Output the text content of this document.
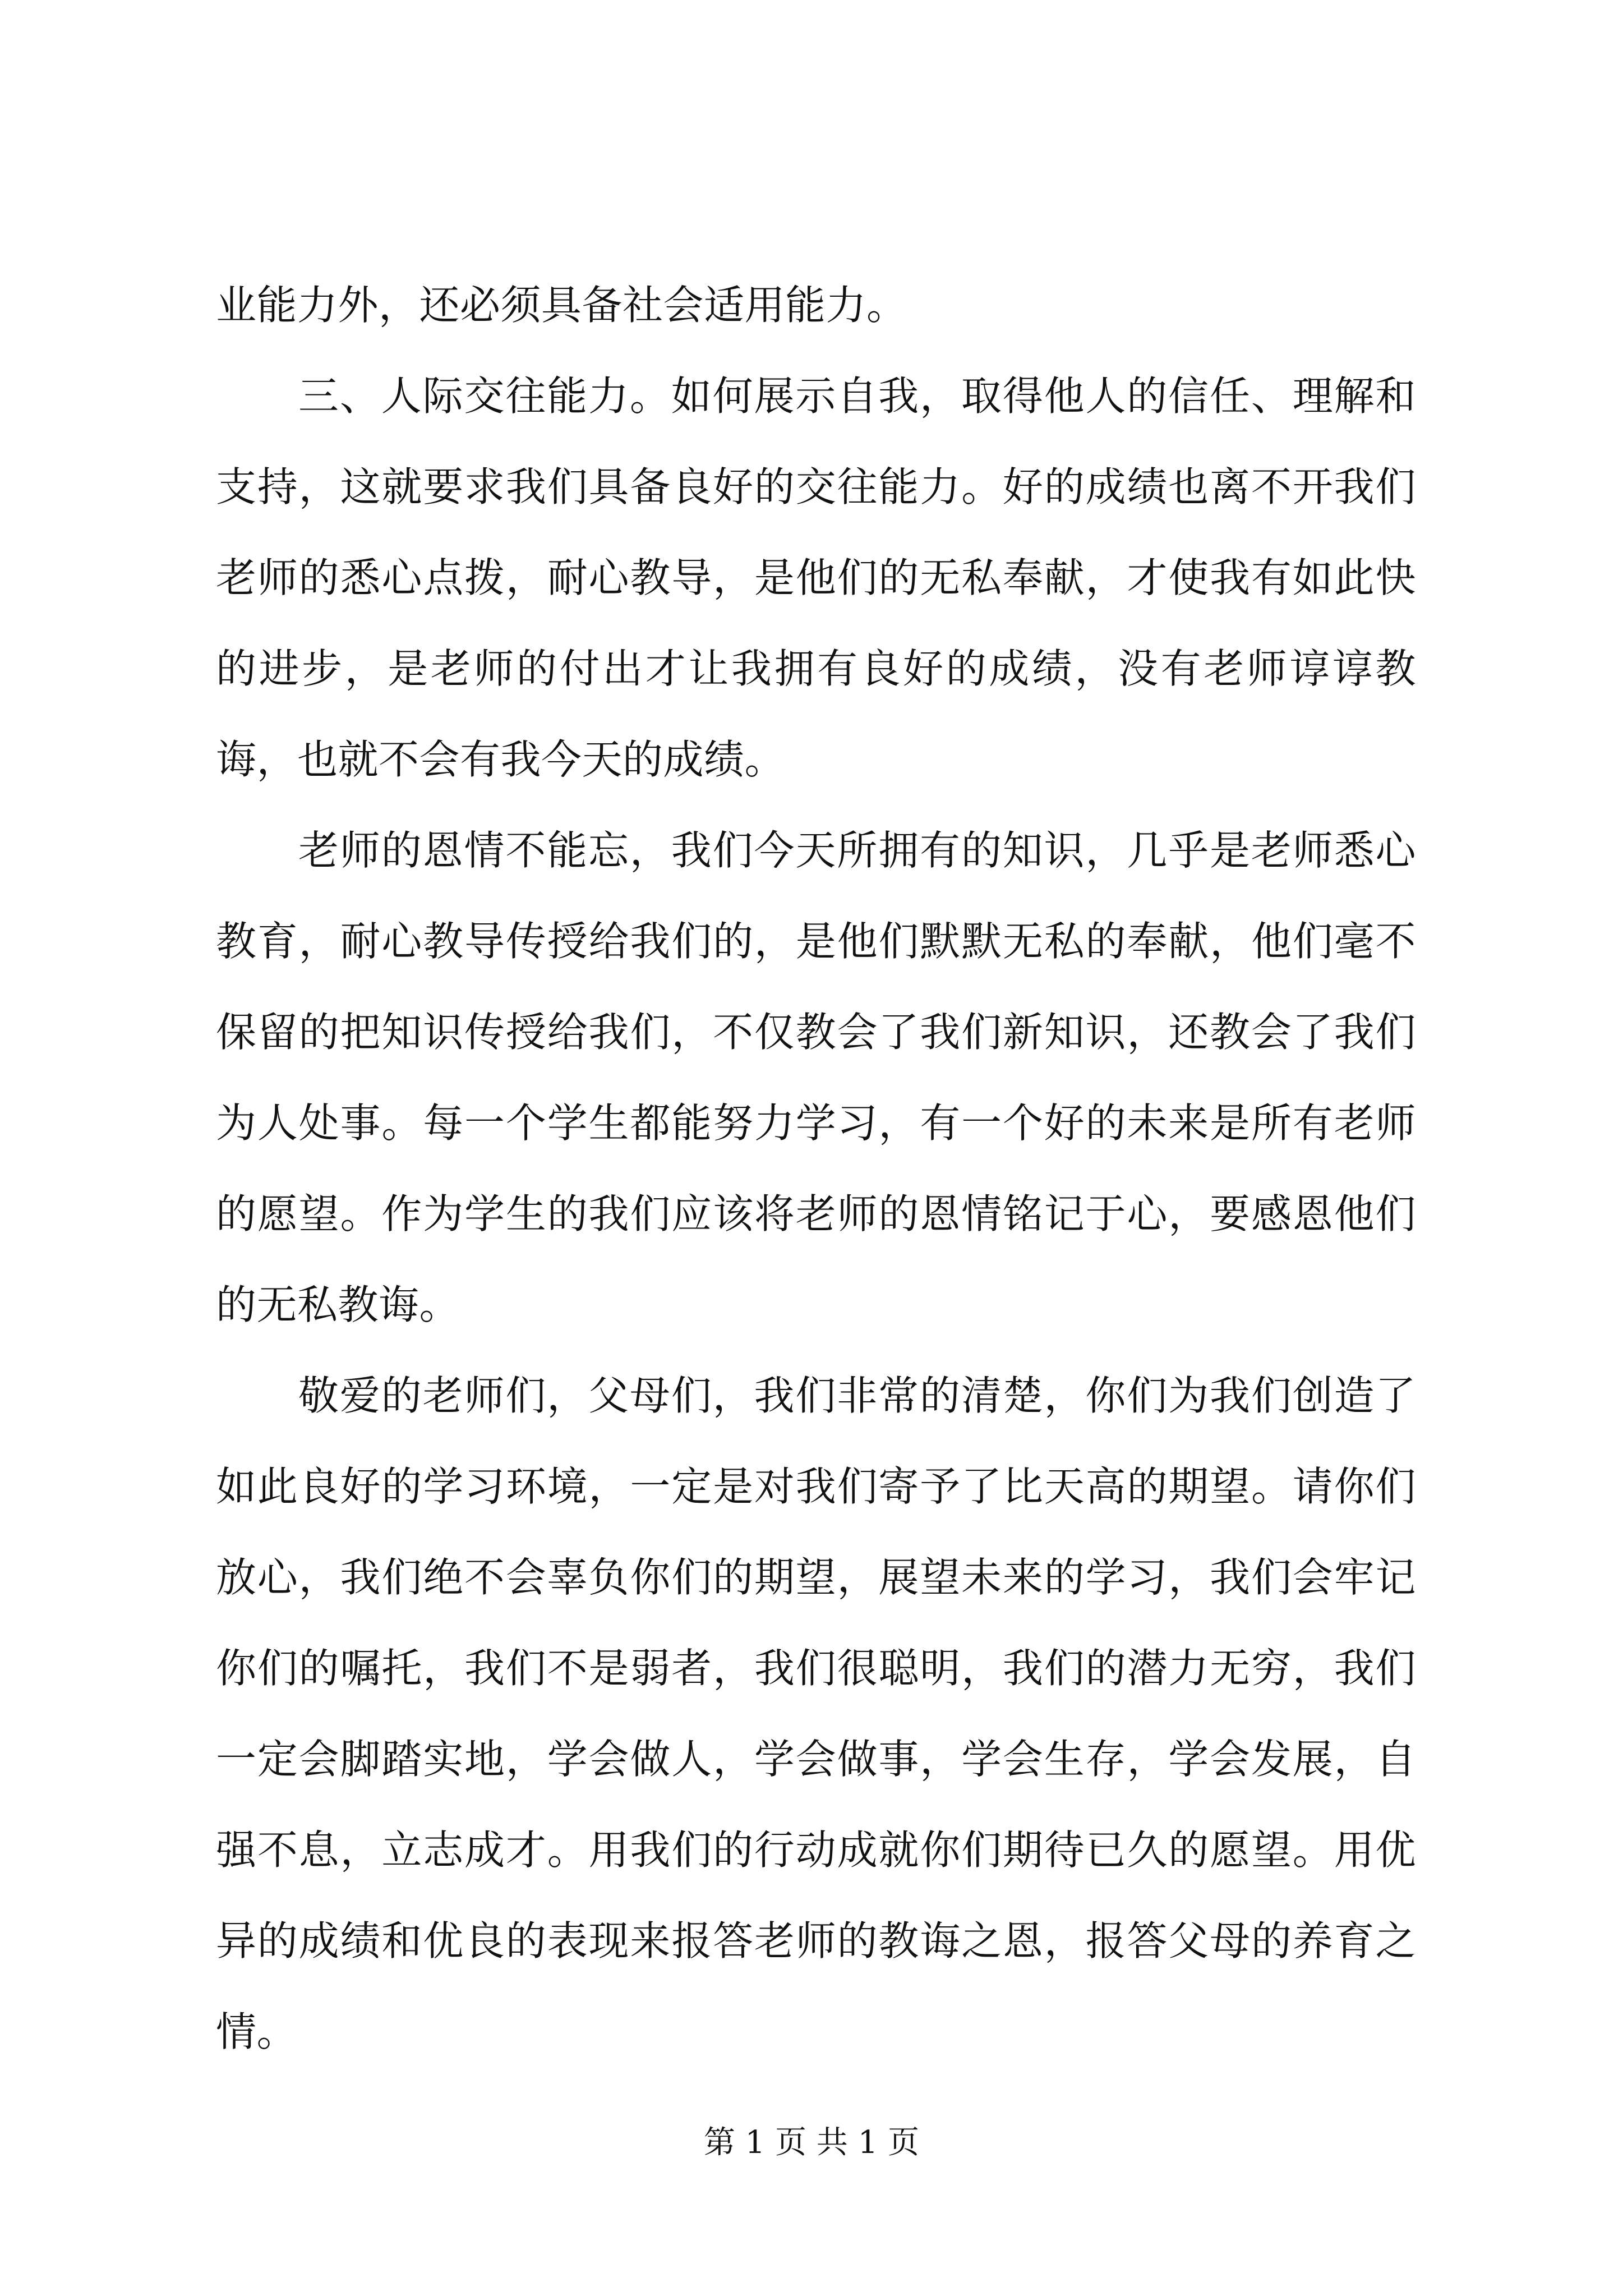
业能力外，还必须具备社会适用能力。

三、人际交往能力。如何展示自我，取得他人的信任、理解和支持，这就要求我们具备良好的交往能力。好的成绩也离不开我们老师的悉心点拨，耐心教导，是他们的无私奉献，才使我有如此快的进步，是老师的付出才让我拥有良好的成绩，没有老师谆谆教诲，也就不会有我今天的成绩。

老师的恩情不能忘，我们今天所拥有的知识，几乎是老师悉心教育，耐心教导传授给我们的，是他们默默无私的奉献，他们毫不保留的把知识传授给我们，不仅教会了我们新知识，还教会了我们为人处事。每一个学生都能努力学习，有一个好的未来是所有老师的愿望。作为学生的我们应该将老师的恩情铭记于心，要感恩他们的无私教诲。

敬爱的老师们，父母们，我们非常的清楚，你们为我们创造了如此良好的学习环境，一定是对我们寄予了比天高的期望。请你们放心，我们绝不会辜负你们的期望，展望未来的学习，我们会牢记你们的嘱托，我们不是弱者，我们很聪明，我们的潜力无穷，我们一定会脚踏实地，学会做人，学会做事，学会生存，学会发展，自强不息，立志成才。用我们的行动成就你们期待已久的愿望。用优异的成绩和优良的表现来报答老师的教诲之恩，报答父母的养育之情。

第 1 页 共 1 页
